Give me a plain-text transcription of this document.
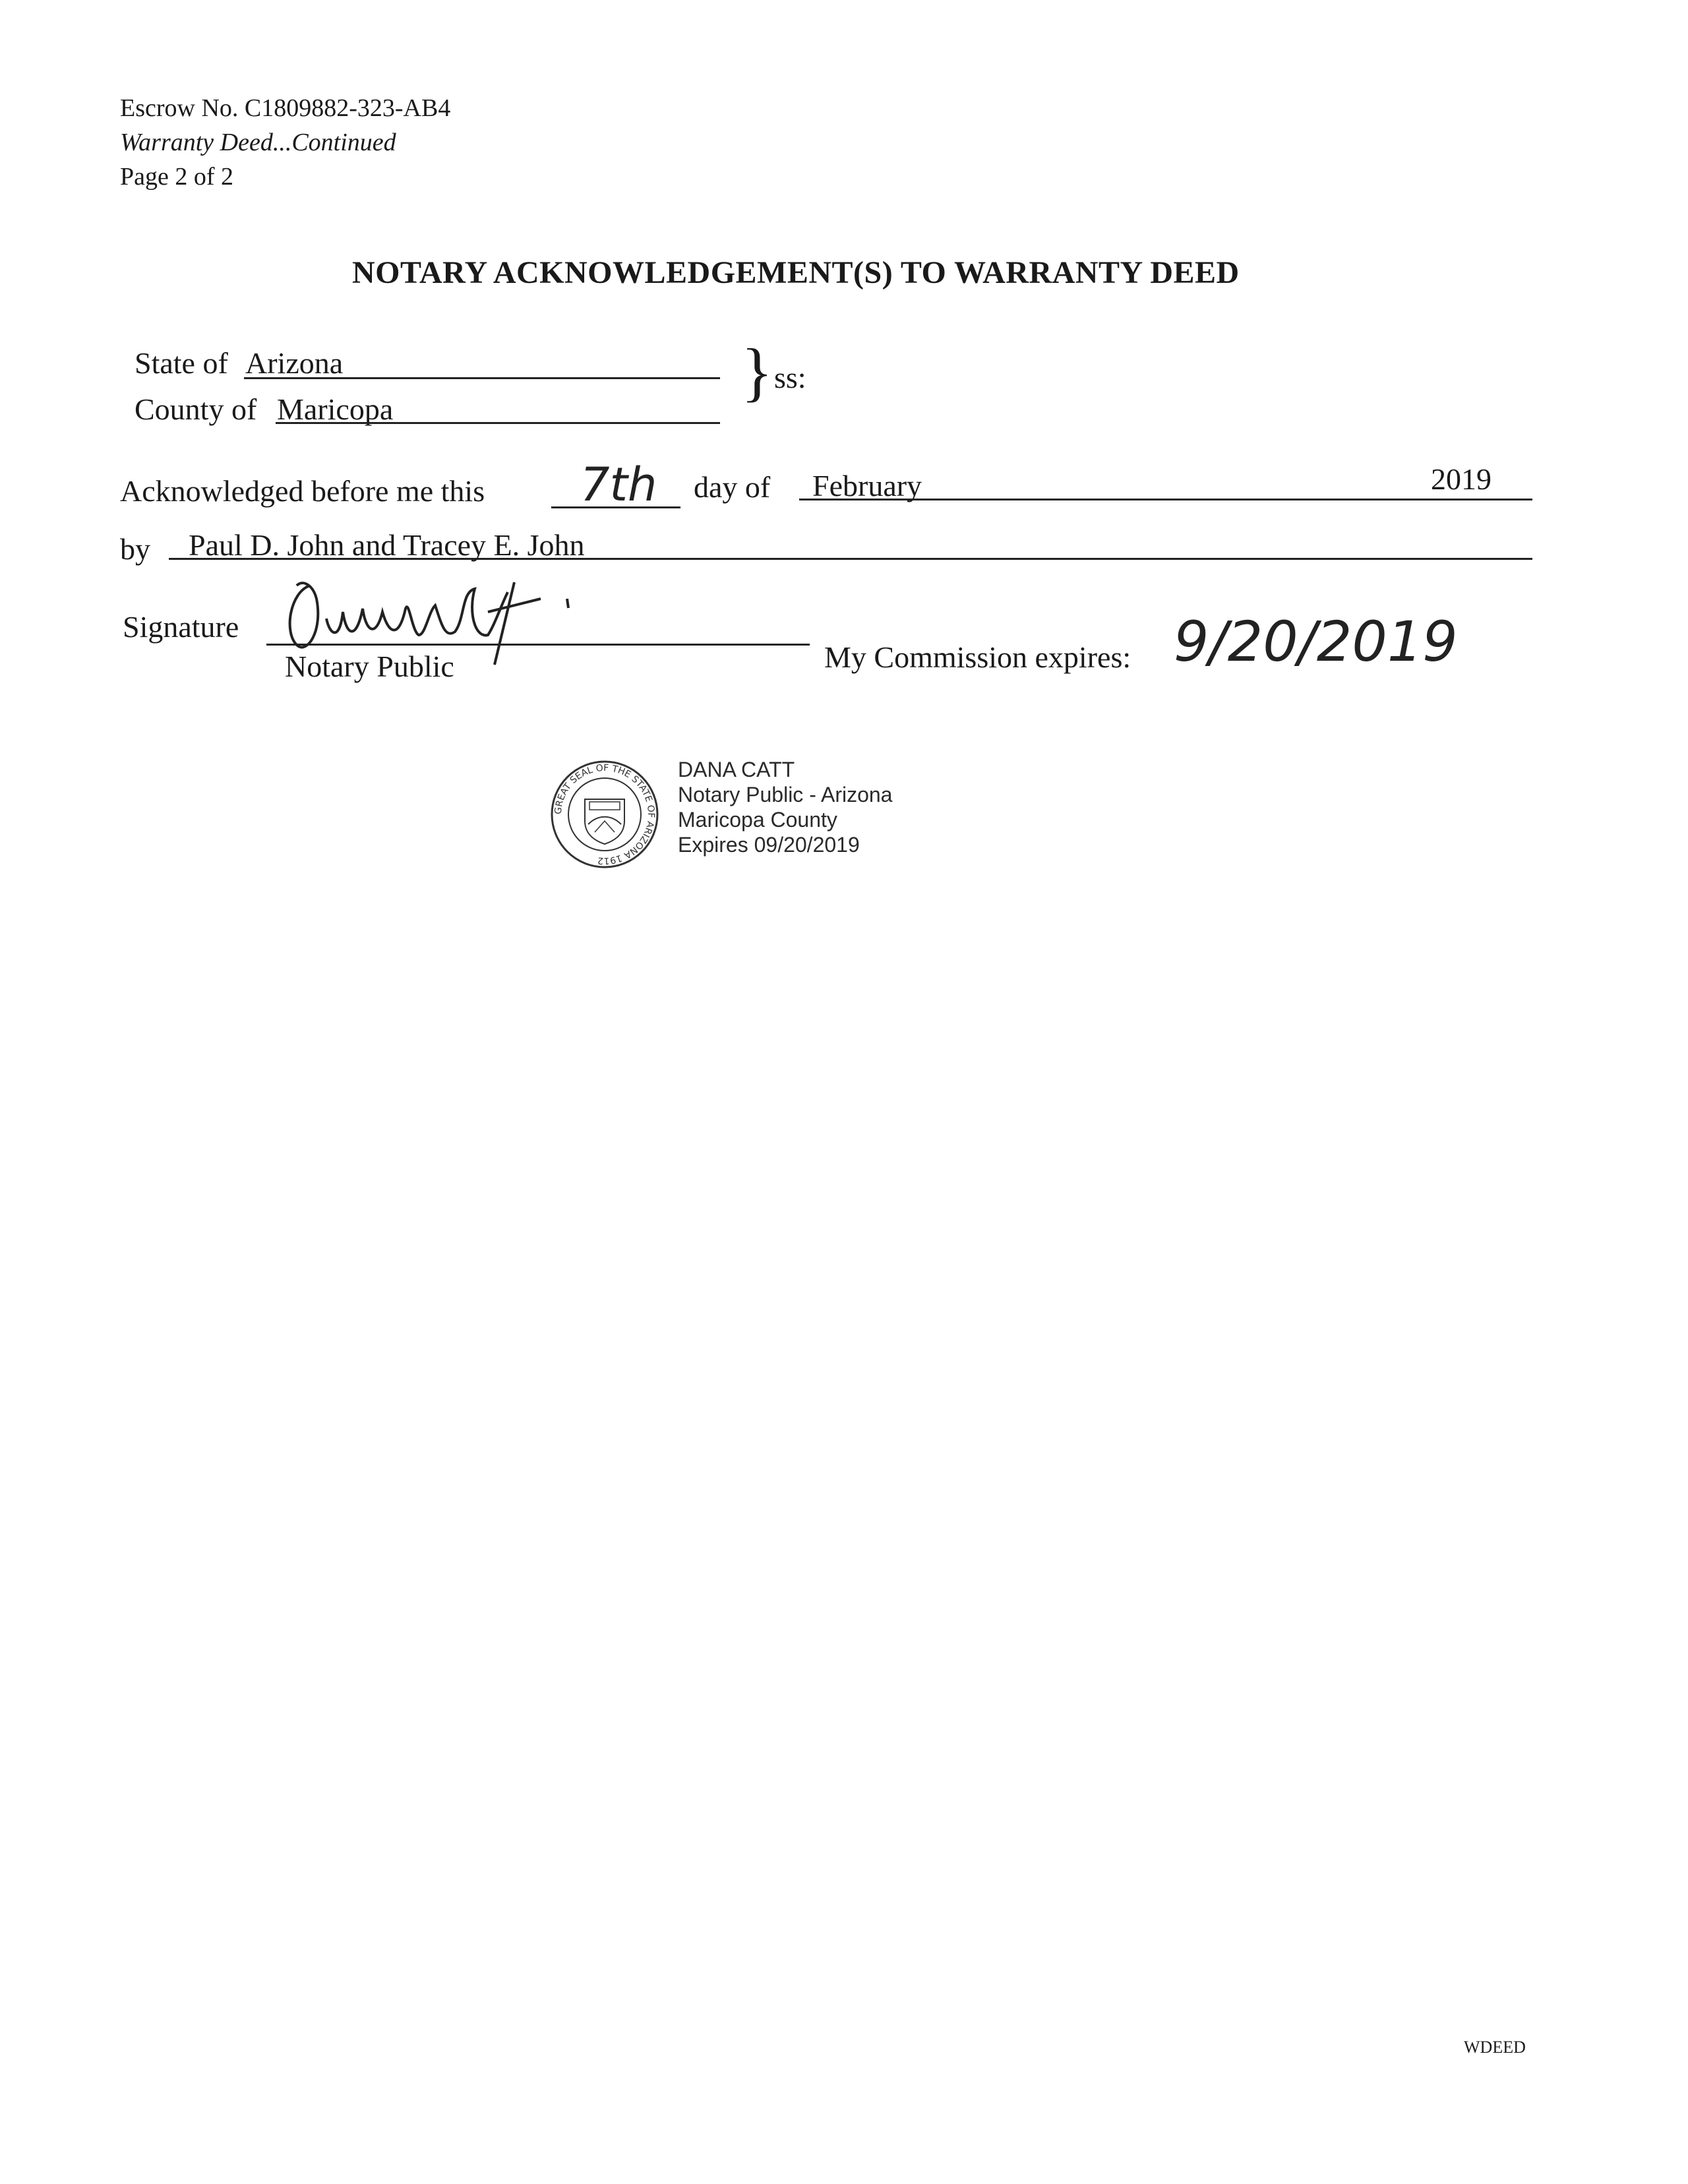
Escrow No. C1809882-323-AB4
Warranty Deed...Continued
Page 2 of 2
NOTARY ACKNOWLEDGEMENT(S) TO WARRANTY DEED
State of Arizona
County of Maricopa
} ss:
Acknowledged before me this 7th day of February	2019
by Paul D. John and Tracey E. John
Signature
Danacatt
Notary Public	My Commission expires: 9/20/2019
GREAT SEAL OF THE STATE OF ARIZONA 1912
DANA CATT
Notary Public - Arizona
Maricopa County
Expires 09/20/2019
WDEED
